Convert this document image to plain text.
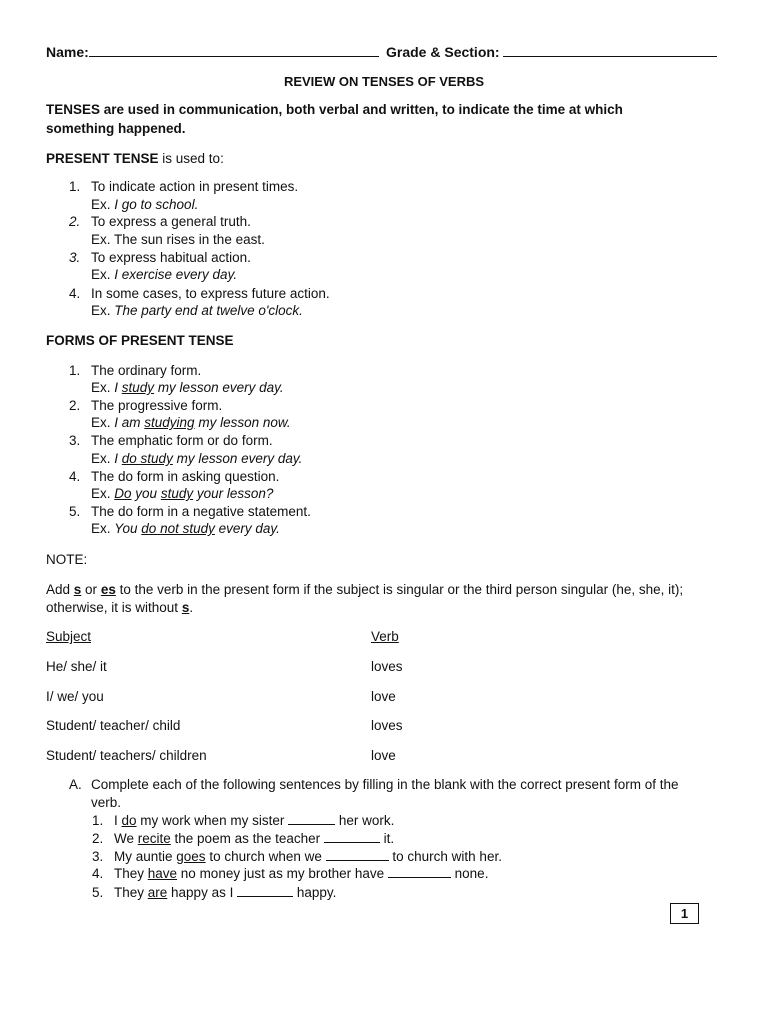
Name:	Grade & Section:
REVIEW ON TENSES OF VERBS
TENSES are used in communication, both verbal and written, to indicate the time at which
something happened.
PRESENT TENSE is used to:
1. To indicate action in present times.
Ex. I go to school.
2. To express a general truth.
Ex. The sun rises in the east.
3. To express habitual action.
Ex. I exercise every day.
4. In some cases, to express future action.
Ex. The party end at twelve o'clock.
FORMS OF PRESENT TENSE
1. The ordinary form.
Ex. I study my lesson every day.
2. The progressive form.
Ex. I am studying my lesson now.
3. The emphatic form or do form.
Ex. I do study my lesson every day.
4. The do form in asking question.
Ex. Do you study your lesson?
5. The do form in a negative statement.
Ex. You do not study every day.
NOTE:
Add s or es to the verb in the present form if the subject is singular or the third person singular (he, she, it);
otherwise, it is without s.
Subject	Verb
He/ she/ it	loves
I/ we/ you	love
Student/ teacher/ child	loves
Student/ teachers/ children	love
A. Complete each of the following sentences by filling in the blank with the correct present form of the
verb.
1. I do my work when my sister	her work.
2. We recite the poem as the teacher	it.
3. My auntie goes to church when we	to church with her.
4. They have no money just as my brother have	none.
5. They are happy as I	happy.
1
